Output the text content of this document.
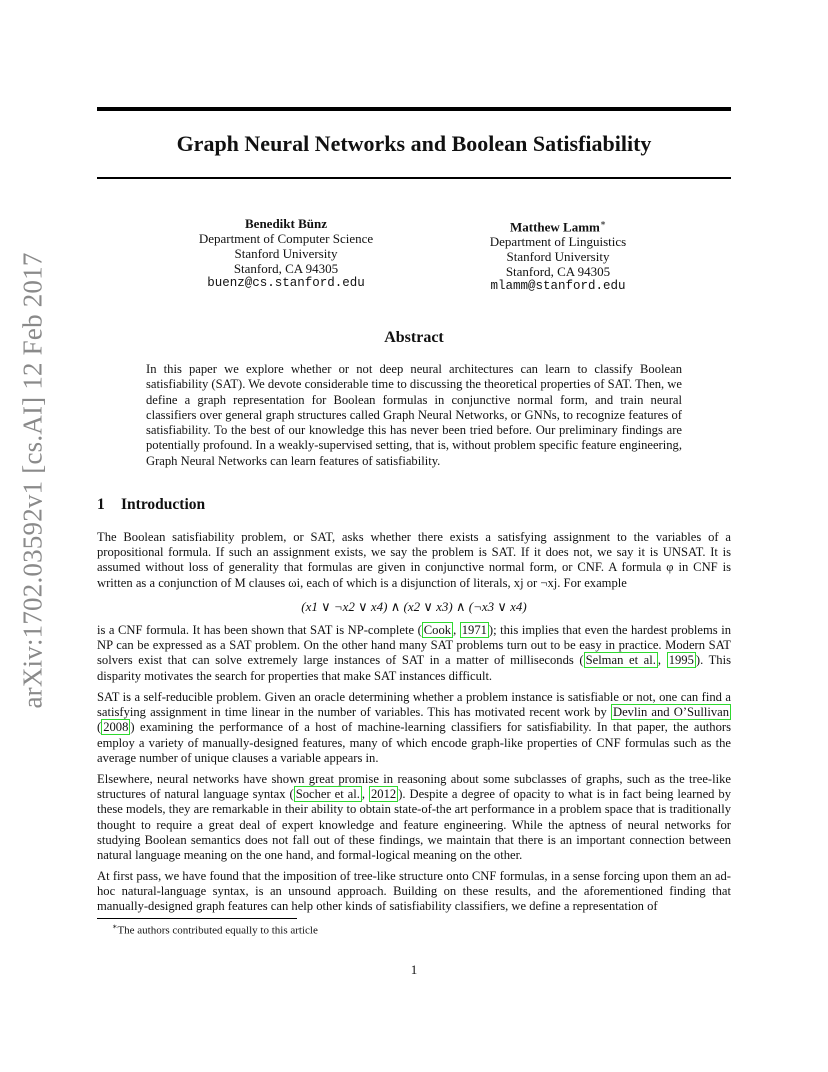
arXiv:1702.03592v1 [cs.AI] 12 Feb 2017
Graph Neural Networks and Boolean Satisfiability
Benedikt Bünz
Department of Computer Science
Stanford University
Stanford, CA 94305
buenz@cs.stanford.edu
Matthew Lamm∗
Department of Linguistics
Stanford University
Stanford, CA 94305
mlamm@stanford.edu
Abstract

In this paper we explore whether or not deep neural architectures can learn to classify Boolean satisfiability (SAT). We devote considerable time to discussing the theoretical properties of SAT. Then, we define a graph representation for Boolean formulas in conjunctive normal form, and train neural classifiers over general graph structures called Graph Neural Networks, or GNNs, to recognize features of satisfiability. To the best of our knowledge this has never been tried before. Our preliminary findings are potentially profound. In a weakly-supervised setting, that is, without problem specific feature engineering, Graph Neural Networks can learn features of satisfiability.

1 Introduction

The Boolean satisfiability problem, or SAT, asks whether there exists a satisfying assignment to the variables of a propositional formula. If such an assignment exists, we say the problem is SAT. If it does not, we say it is UNSAT. It is assumed without loss of generality that formulas are given in conjunctive normal form, or CNF. A formula φ in CNF is written as a conjunction of M clauses ωi, each of which is a disjunction of literals, xj or ¬xj. For example

(x1 ∨ ¬x2 ∨ x4) ∧ (x2 ∨ x3) ∧ (¬x3 ∨ x4)

is a CNF formula. It has been shown that SAT is NP-complete ( Cook , 1971 ); this implies that even the hardest problems in NP can be expressed as a SAT problem. On the other hand many SAT problems turn out to be easy in practice. Modern SAT solvers exist that can solve extremely large instances of SAT in a matter of milliseconds ( Selman et al. , 1995 ). This disparity motivates the search for properties that make SAT instances difficult.

SAT is a self-reducible problem. Given an oracle determining whether a problem instance is satisfiable or not, one can find a satisfying assignment in time linear in the number of variables. This has motivated recent work by Devlin and O’Sullivan ( 2008 ) examining the performance of a host of machine-learning classifiers for satisfiability. In that paper, the authors employ a variety of manually-designed features, many of which encode graph-like properties of CNF formulas such as the average number of unique clauses a variable appears in.

Elsewhere, neural networks have shown great promise in reasoning about some subclasses of graphs, such as the tree-like structures of natural language syntax ( Socher et al. , 2012 ). Despite a degree of opacity to what is in fact being learned by these models, they are remarkable in their ability to obtain state-of-the art performance in a problem space that is traditionally thought to require a great deal of expert knowledge and feature engineering. While the aptness of neural networks for studying Boolean semantics does not fall out of these findings, we maintain that there is an important connection between natural language meaning on the one hand, and formal-logical meaning on the other.

At first pass, we have found that the imposition of tree-like structure onto CNF formulas, in a sense forcing upon them an ad-hoc natural-language syntax, is an unsound approach. Building on these results, and the aforementioned finding that manually-designed graph features can help other kinds of satisfiability classifiers, we define a representation of

∗The authors contributed equally to this article
1
